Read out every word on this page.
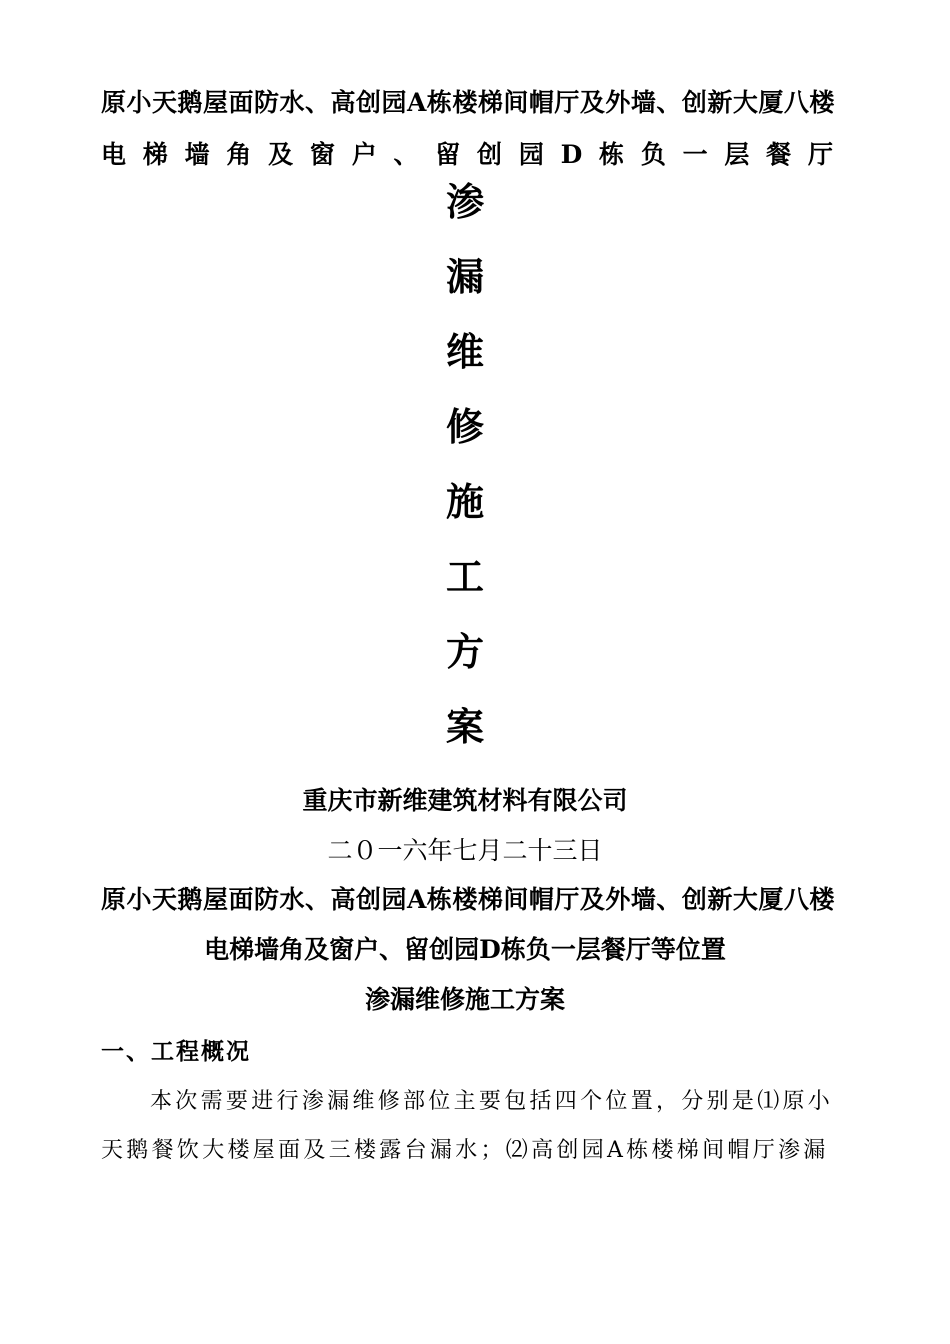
原小天鹅屋面防水、高创园A栋楼梯间帽厅及外墙、创新大厦八楼
电 梯 墙 角 及 窗 户 、 留 创 园 D 栋 负 一 层 餐 厅
渗
漏
维
修
施
工
方
案
重庆市新维建筑材料有限公司
二０一六年七月二十三日
原小天鹅屋面防水、高创园A栋楼梯间帽厅及外墙、创新大厦八楼
电梯墙角及窗户、留创园D栋负一层餐厅等位置
渗漏维修施工方案
一、工程概况
本次需要进行渗漏维修部位主要包括四个位置，分别是⑴原小
天鹅餐饮大楼屋面及三楼露台漏水；⑵高创园A栋楼梯间帽厅渗漏
